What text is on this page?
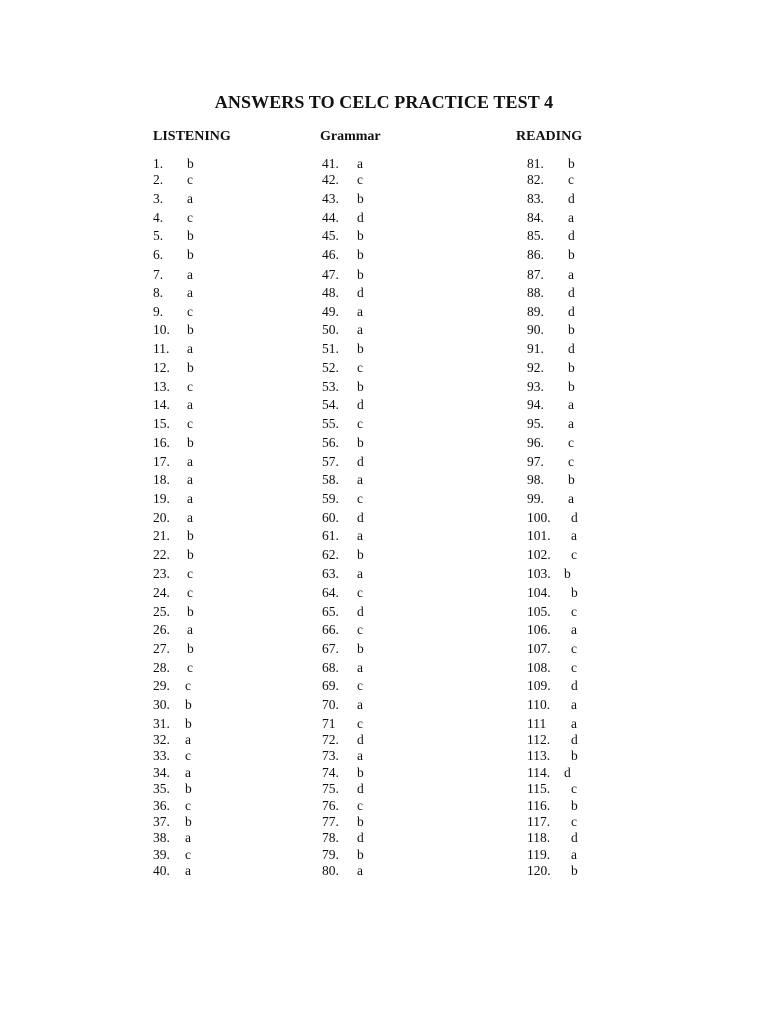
ANSWERS TO CELC PRACTICE TEST 4
LISTENING	Grammar	READING
1. b
2. c
3. a
4. c
5. b
6. b
7. a
8. a
9. c
10. b
11. a
12. b
13. c
14. a
15. c
16. b
17. a
18. a
19. a
20. a
21. b
22. b
23. c
24. c
25. b
26. a
27. b
28. c
29. c
30. b
31. b
32. a
33. c
34. a
35. b
36. c
37. b
38. a
39. c
40. a
41. a
42. c
43. b
44. d
45. b
46. b
47. b
48. d
49. a
50. a
51. b
52. c
53. b
54. d
55. c
56. b
57. d
58. a
59. c
60. d
61. a
62. b
63. a
64. c
65. d
66. c
67. b
68. a
69. c
70. a
71 c
72. d
73. a
74. b
75. d
76. c
77. b
78. d
79. b
80. a
81. b
82. c
83. d
84. a
85. d
86. b
87. a
88. d
89. d
90. b
91. d
92. b
93. b
94. a
95. a
96. c
97. c
98. b
99. a
100. d
101. a
102. c
103. b
104. b
105. c
106. a
107. c
108. c
109. d
110. a
111 a
112. d
113. b
114. d
115. c
116. b
117. c
118. d
119. a
120. b
